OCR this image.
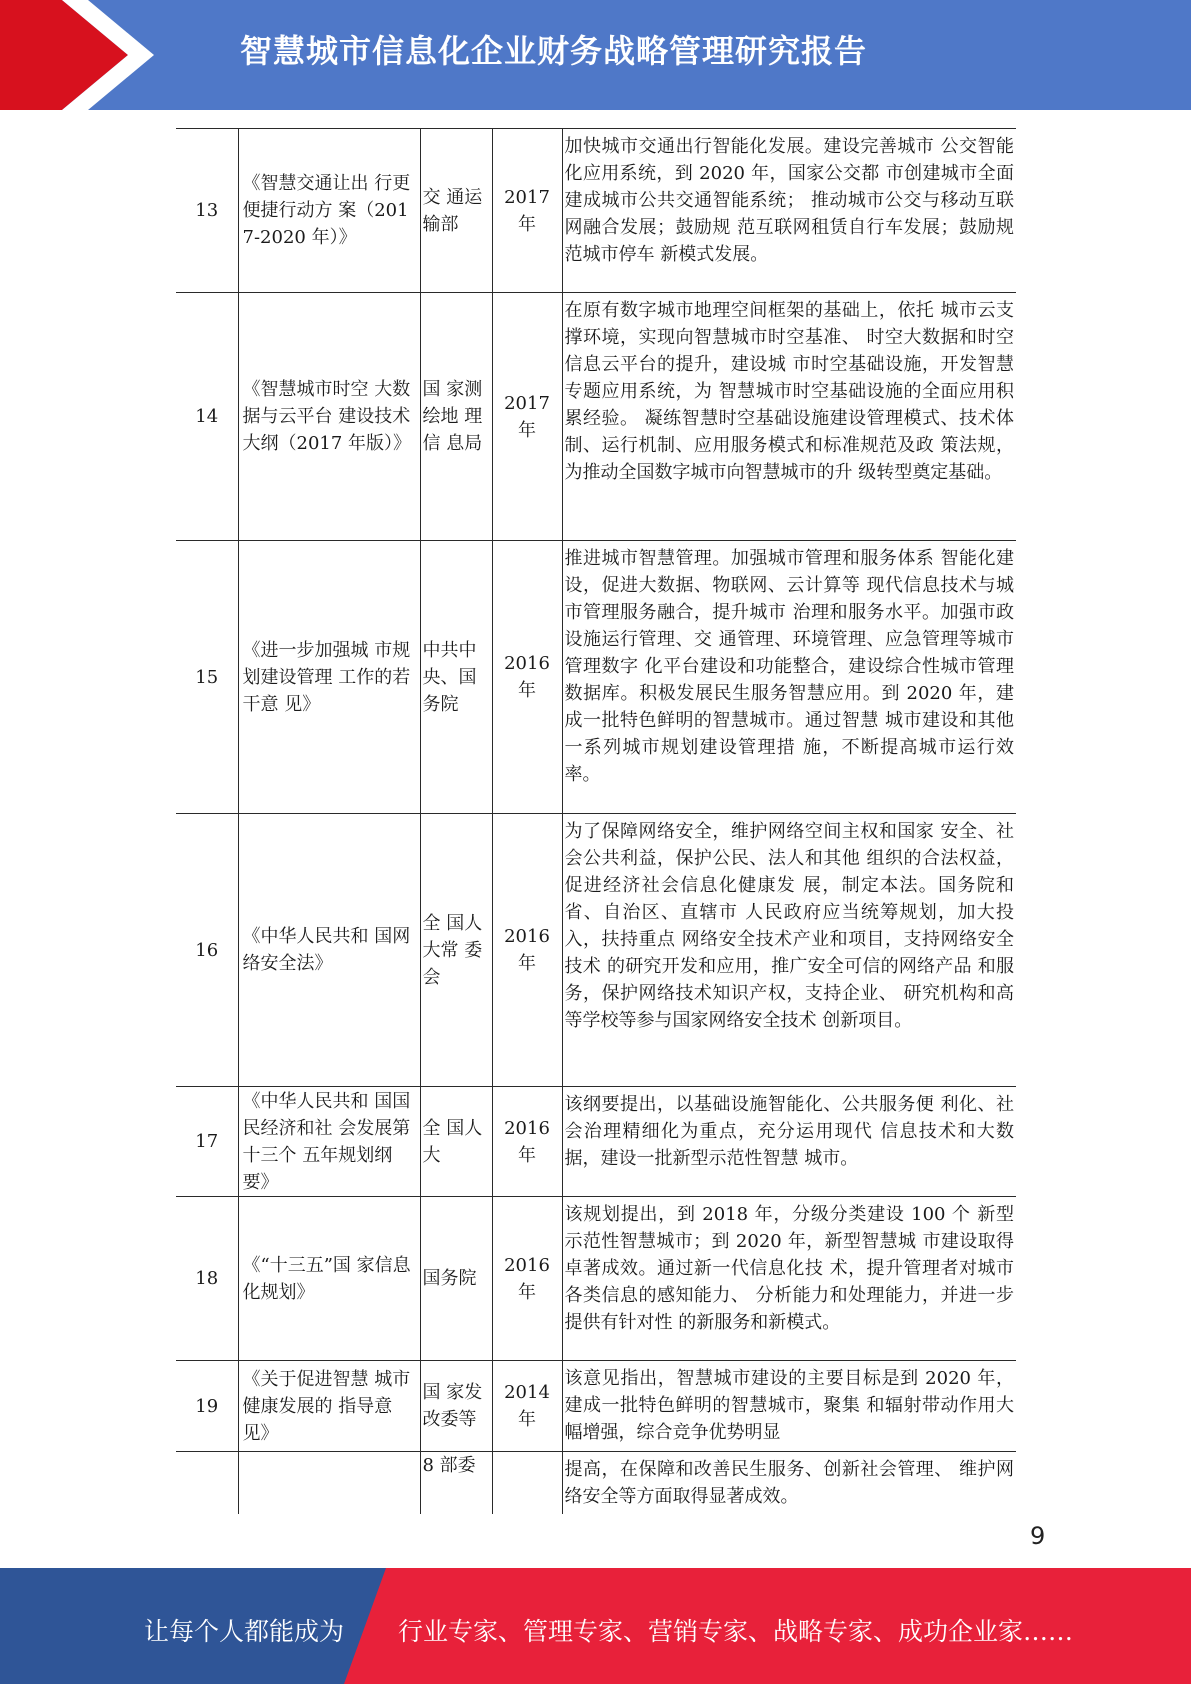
智慧城市信息化企业财务战略管理研究报告
13	《智慧交通让出 行更便捷行动方 案（2017-2020 年）》	交 通运 输部	2017 年	加快城市交通出行智能化发展。建设完善城市 公交智能化应用系统，到 2020 年，国家公交都 市创建城市全面建成城市公共交通智能系统； 推动城市公交与移动互联网融合发展；鼓励规 范互联网租赁自行车发展；鼓励规范城市停车 新模式发展。
14	《智慧城市时空 大数据与云平台 建设技术大纲（2017 年版）》	国 家测 绘地 理信 息局	2017 年	在原有数字城市地理空间框架的基础上，依托 城市云支撑环境，实现向智慧城市时空基准、 时空大数据和时空信息云平台的提升，建设城 市时空基础设施，开发智慧专题应用系统，为 智慧城市时空基础设施的全面应用积累经验。 凝练智慧时空基础设施建设管理模式、技术体 制、运行机制、应用服务模式和标准规范及政 策法规，为推动全国数字城市向智慧城市的升 级转型奠定基础。
15	《进一步加强城 市规划建设管理 工作的若干意 见》	中共中 央、国务院	2016 年	推进城市智慧管理。加强城市管理和服务体系 智能化建设，促进大数据、物联网、云计算等 现代信息技术与城市管理服务融合，提升城市 治理和服务水平。加强市政设施运行管理、交 通管理、环境管理、应急管理等城市管理数字 化平台建设和功能整合，建设综合性城市管理 数据库。积极发展民生服务智慧应用。到 2020 年，建成一批特色鲜明的智慧城市。通过智慧 城市建设和其他一系列城市规划建设管理措 施，不断提高城市运行效率。
16	《中华人民共和 国网络安全法》	全 国人 大常 委会	2016 年	为了保障网络安全，维护网络空间主权和国家 安全、社会公共利益，保护公民、法人和其他 组织的合法权益，促进经济社会信息化健康发 展，制定本法。国务院和省、自治区、直辖市 人民政府应当统筹规划，加大投入，扶持重点 网络安全技术产业和项目，支持网络安全技术 的研究开发和应用，推广安全可信的网络产品 和服务，保护网络技术知识产权，支持企业、 研究机构和高等学校等参与国家网络安全技术 创新项目。
17	《中华人民共和 国国民经济和社 会发展第十三个 五年规划纲要》	全 国人大	2016 年	该纲要提出，以基础设施智能化、公共服务便 利化、社会治理精细化为重点，充分运用现代 信息技术和大数据，建设一批新型示范性智慧 城市。
18	《“十三五”国 家信息化规划》	国务院	2016 年	该规划提出，到 2018 年，分级分类建设 100 个 新型示范性智慧城市；到 2020 年，新型智慧城 市建设取得卓著成效。通过新一代信息化技 术，提升管理者对城市各类信息的感知能力、 分析能力和处理能力，并进一步提供有针对性 的新服务和新模式。
19	《关于促进智慧 城市健康发展的 指导意见》	国 家发 改委等	2014 年	该意见指出，智慧城市建设的主要目标是到 2020 年，建成一批特色鲜明的智慧城市，聚集 和辐射带动作用大幅增强，综合竞争优势明显
		8 部委		提高，在保障和改善民生服务、创新社会管理、 维护网络安全等方面取得显著成效。
9
让每个人都能成为 行业专家、管理专家、营销专家、战略专家、成功企业家……
